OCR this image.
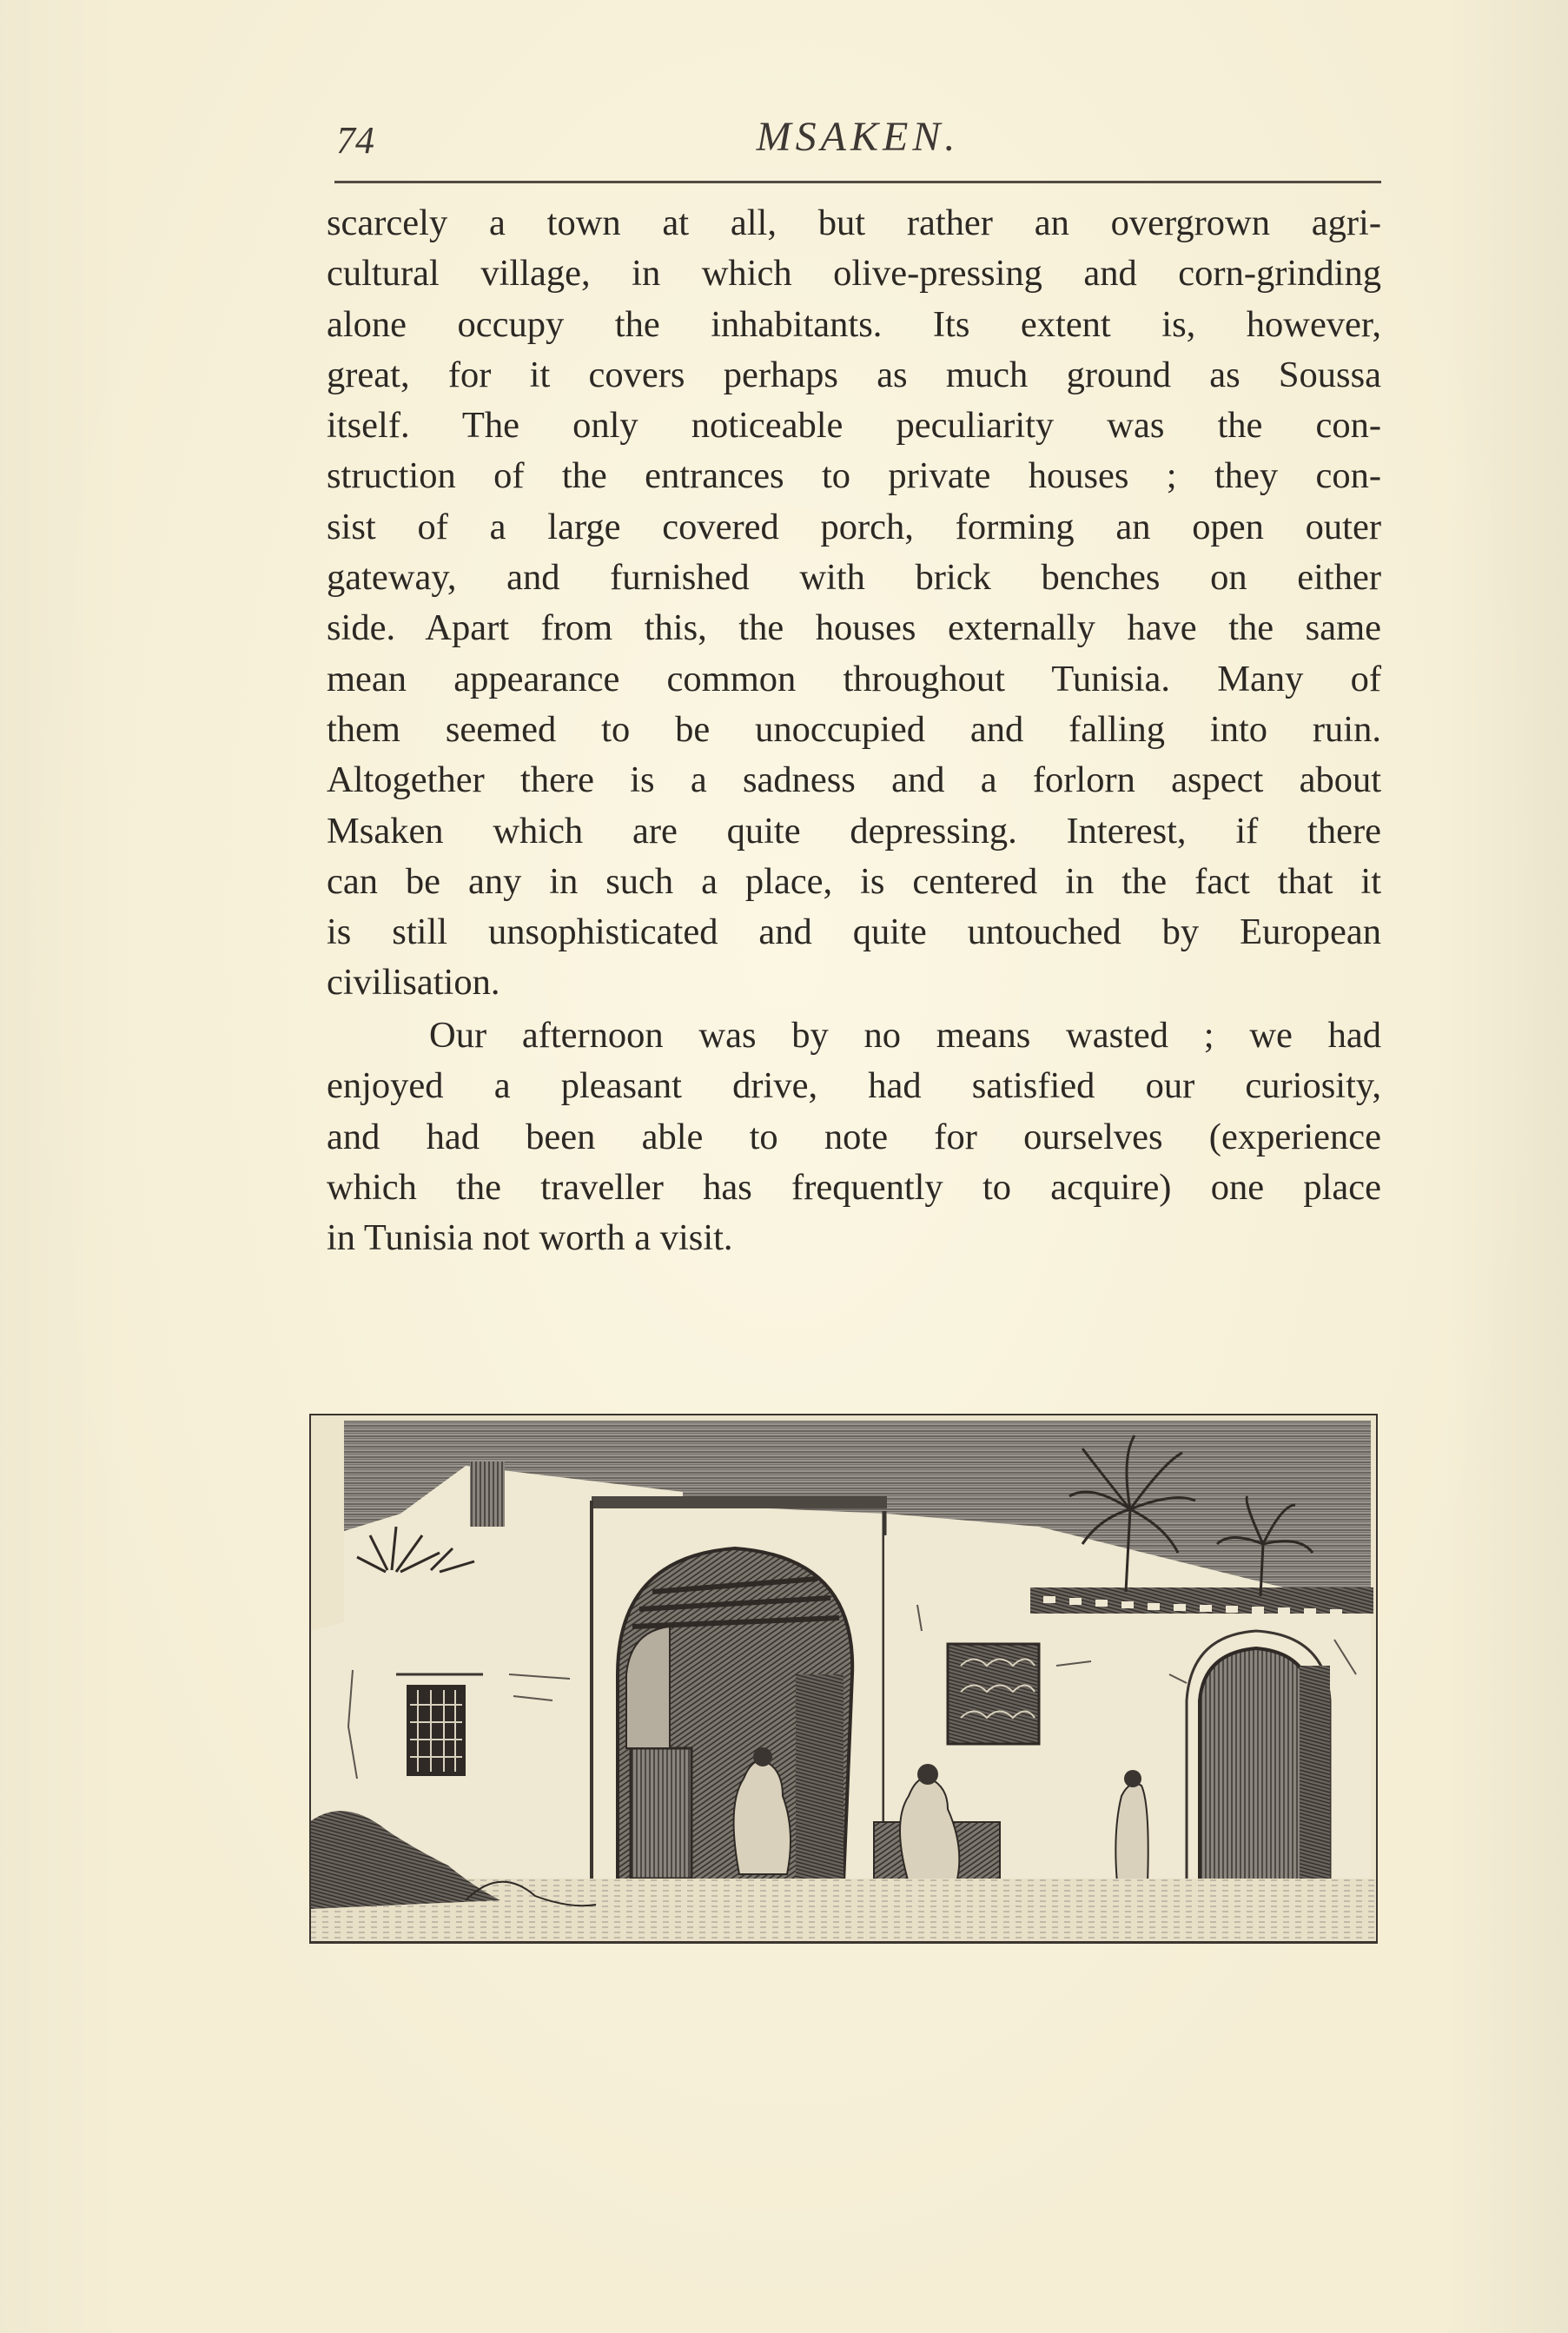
74	MSAKEN.
scarcely a town at all, but rather an overgrown agri-
cultural village, in which olive-pressing and corn-grinding
alone occupy the inhabitants. Its extent is, however,
great, for it covers perhaps as much ground as Soussa
itself. The only noticeable peculiarity was the con-
struction of the entrances to private houses ; they con-
sist of a large covered porch, forming an open outer
gateway, and furnished with brick benches on either
side. Apart from this, the houses externally have the same
mean appearance common throughout Tunisia. Many of
them seemed to be unoccupied and falling into ruin.
Altogether there is a sadness and a forlorn aspect about
Msaken which are quite depressing. Interest, if there
can be any in such a place, is centered in the fact that it
is still unsophisticated and quite untouched by European
civilisation.
Our afternoon was by no means wasted ; we had
enjoyed a pleasant drive, had satisfied our curiosity,
and had been able to note for ourselves (experience
which the traveller has frequently to acquire) one place
in Tunisia not worth a visit.
